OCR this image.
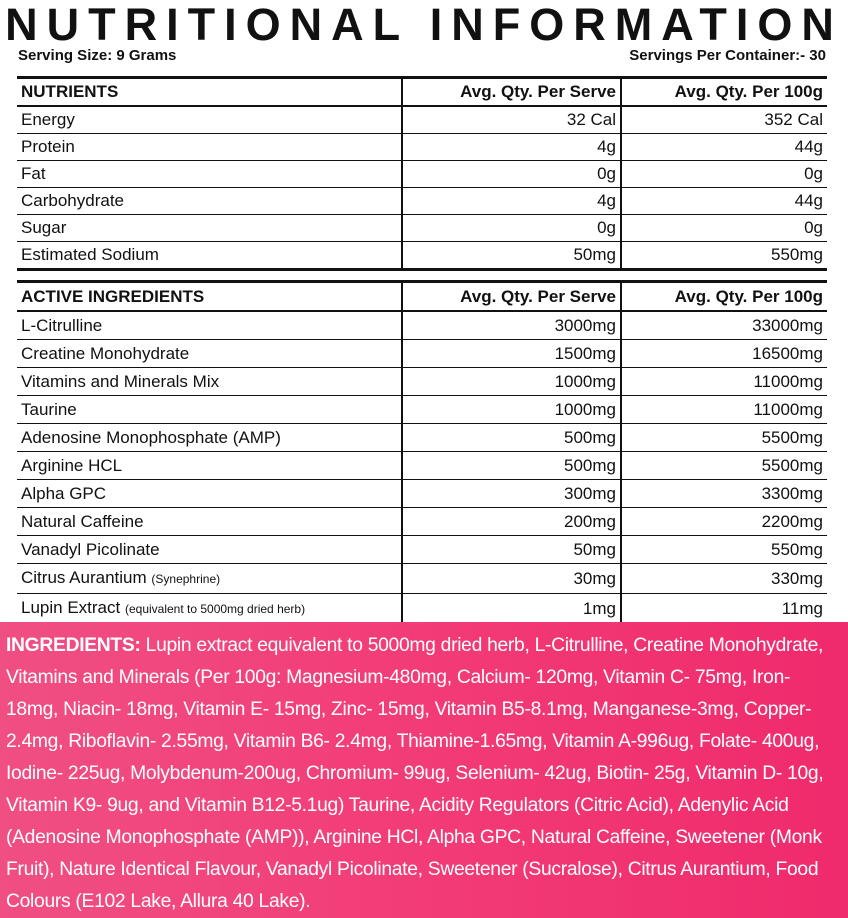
NUTRITIONAL INFORMATION
Serving Size: 9 Grams	Servings Per Container:- 30
NUTRIENTS	Avg. Qty. Per Serve	Avg. Qty. Per 100g
Energy	32 Cal	352 Cal
Protein	4g	44g
Fat	0g	0g
Carbohydrate	4g	44g
Sugar	0g	0g
Estimated Sodium	50mg	550mg
ACTIVE INGREDIENTS	Avg. Qty. Per Serve	Avg. Qty. Per 100g
L-Citrulline	3000mg	33000mg
Creatine Monohydrate	1500mg	16500mg
Vitamins and Minerals Mix	1000mg	11000mg
Taurine	1000mg	11000mg
Adenosine Monophosphate (AMP)	500mg	5500mg
Arginine HCL	500mg	5500mg
Alpha GPC	300mg	3300mg
Natural Caffeine	200mg	2200mg
Vanadyl Picolinate	50mg	550mg
Citrus Aurantium (Synephrine)	30mg	330mg
Lupin Extract (equivalent to 5000mg dried herb)	1mg	11mg
INGREDIENTS: Lupin extract equivalent to 5000mg dried herb, L-Citrulline, Creatine Monohydrate, Vitamins and Minerals (Per 100g: Magnesium-480mg, Calcium- 120mg, Vitamin C- 75mg, Iron- 18mg, Niacin- 18mg, Vitamin E- 15mg, Zinc- 15mg, Vitamin B5-8.1mg, Manganese-3mg, Copper- 2.4mg, Riboflavin- 2.55mg, Vitamin B6- 2.4mg, Thiamine-1.65mg, Vitamin A-996ug, Folate- 400ug, Iodine- 225ug, Molybdenum-200ug, Chromium- 99ug, Selenium- 42ug, Biotin- 25g, Vitamin D- 10g, Vitamin K9- 9ug, and Vitamin B12-5.1ug) Taurine, Acidity Regulators (Citric Acid), Adenylic Acid (Adenosine Monophosphate (AMP)), Arginine HCl, Alpha GPC, Natural Caffeine, Sweetener (Monk Fruit), Nature Identical Flavour, Vanadyl Picolinate, Sweetener (Sucralose), Citrus Aurantium, Food Colours (E102 Lake, Allura 40 Lake).
